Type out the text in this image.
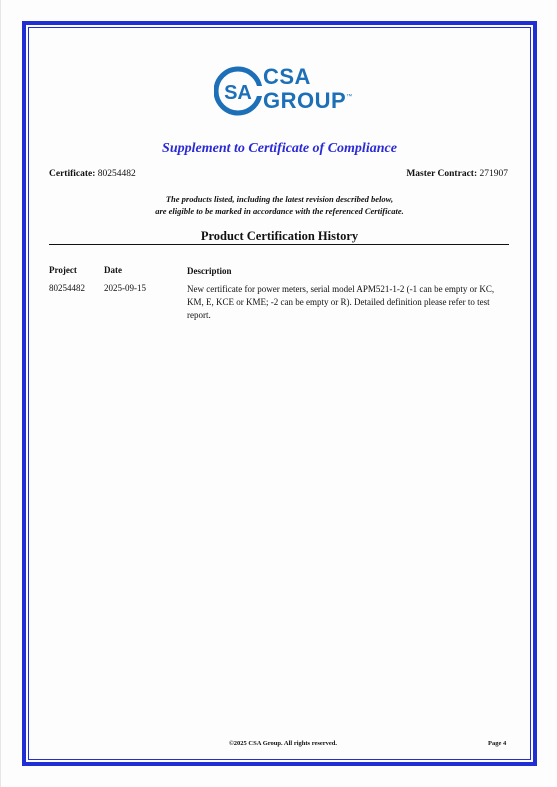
SA
CSA
GROUP™
Supplement to Certificate of Compliance
Certificate: 80254482	Master Contract: 271907
The products listed, including the latest revision described below,
are eligible to be marked in accordance with the referenced Certificate.
Product Certification History
Project	Date	Description
80254482 2025-09-15	New certificate for power meters, serial model APM521-1-2 (-1 can be empty or KC, KM, E, KCE or KME; -2 can be empty or R). Detailed definition please refer to test report.
©2025 CSA Group. All rights reserved.	Page 4
